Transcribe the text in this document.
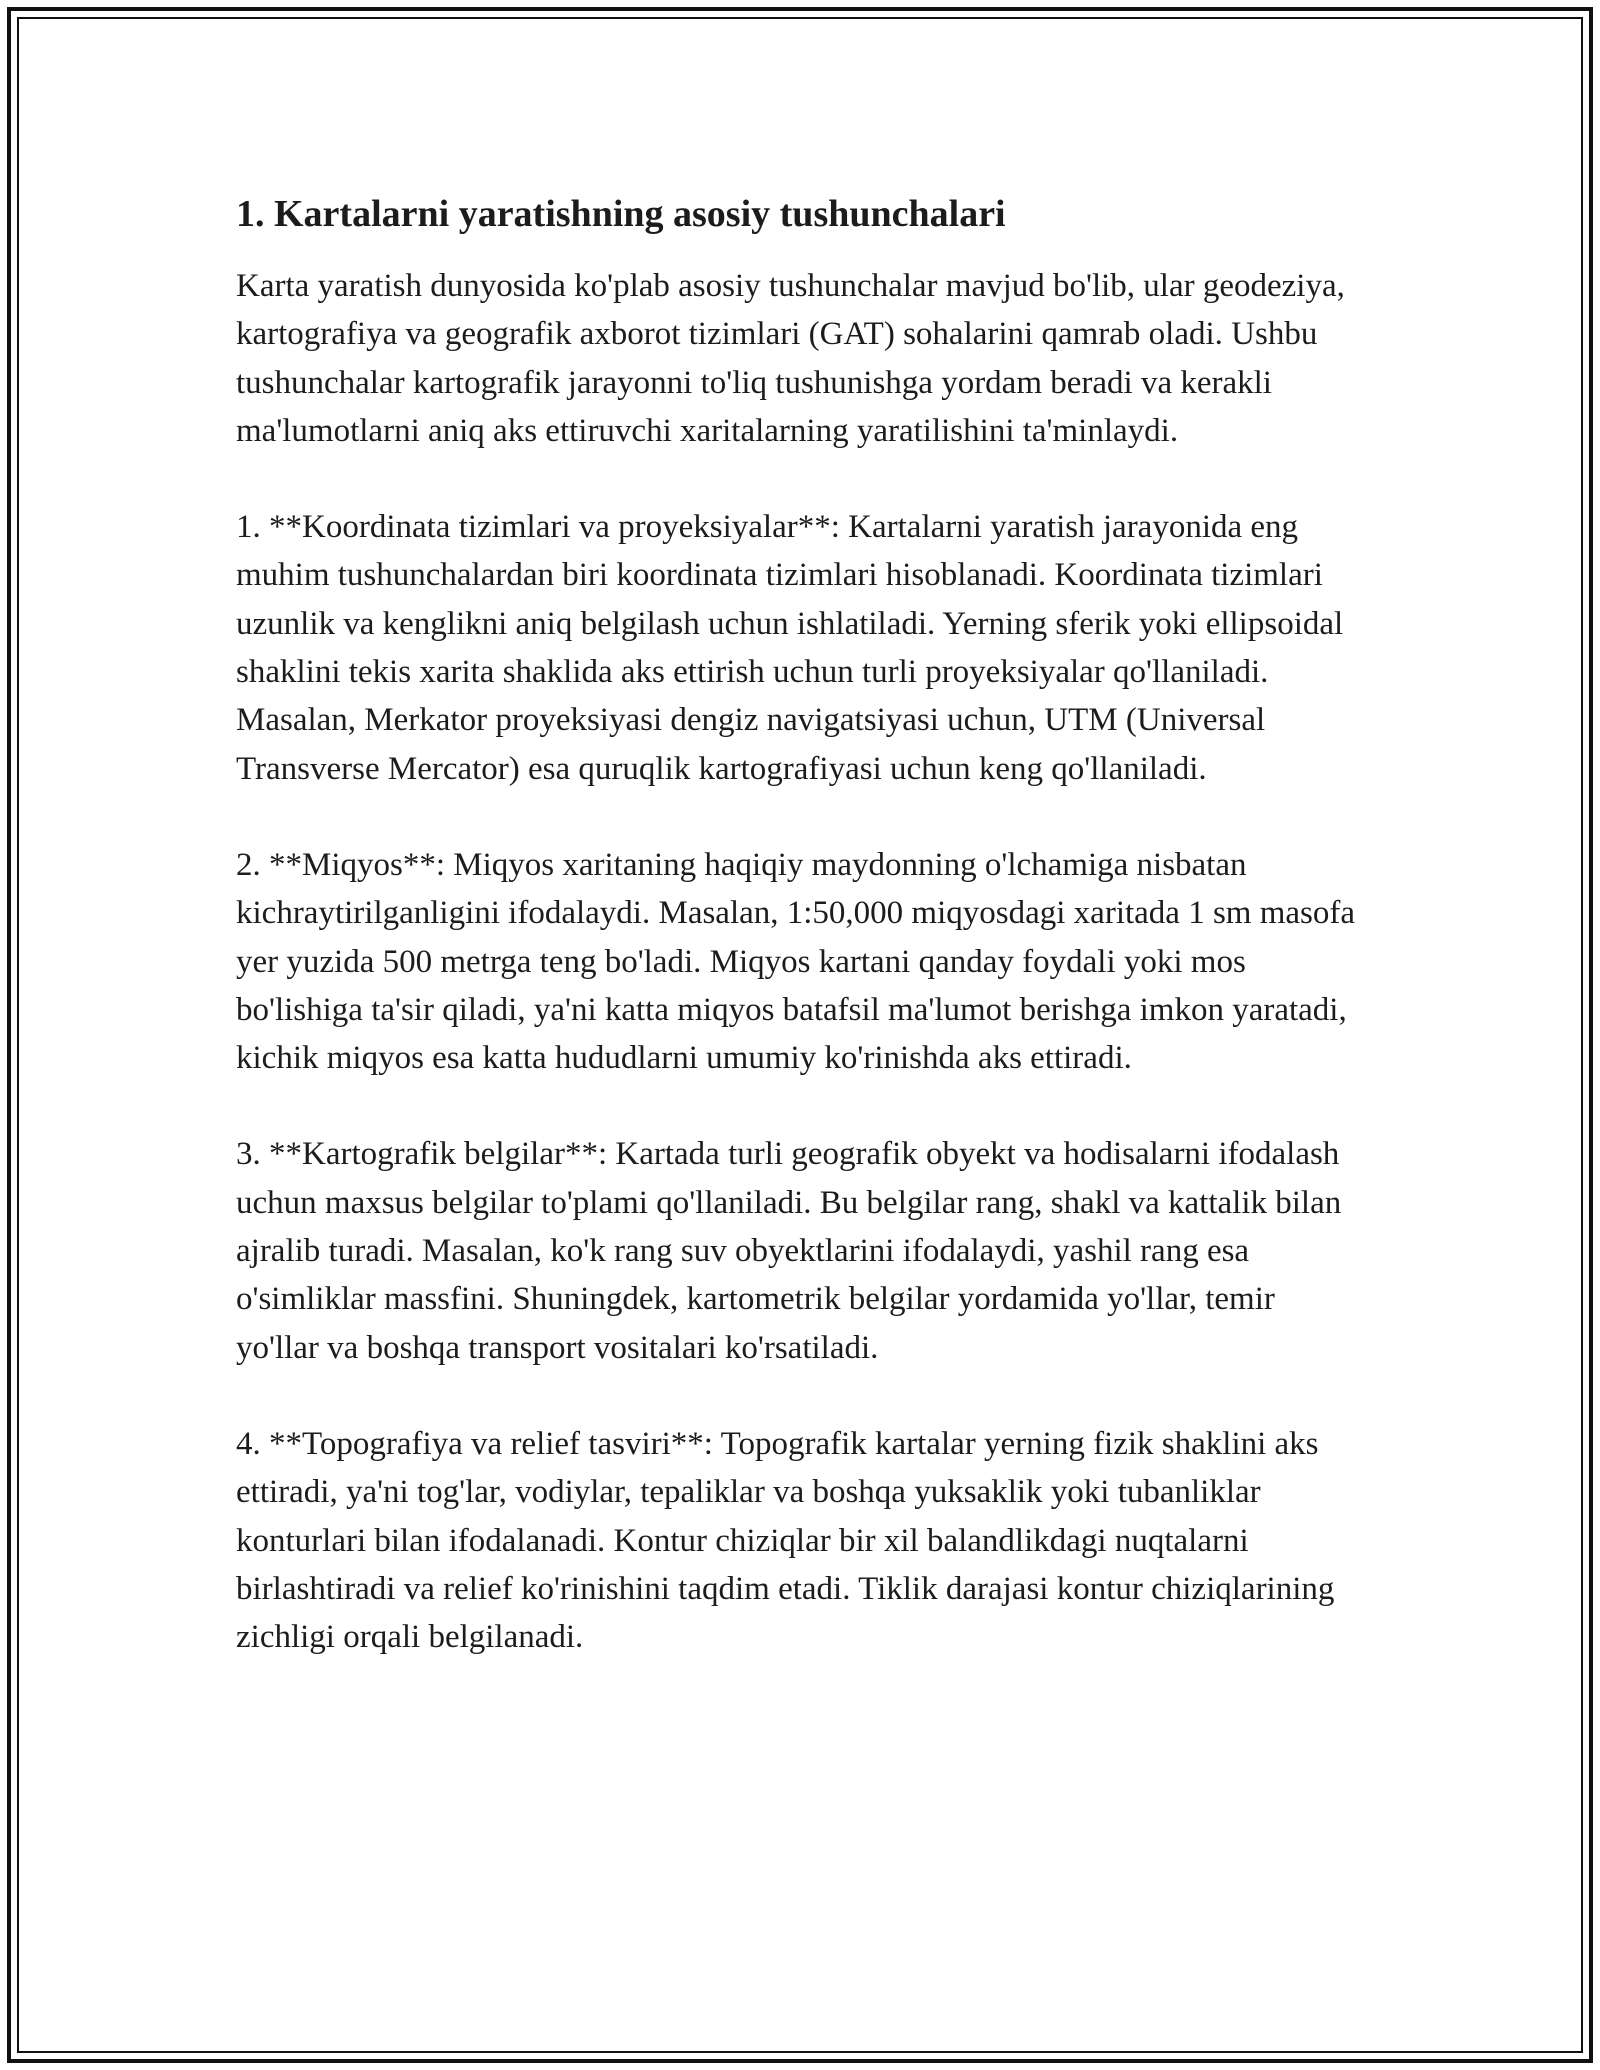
1. Kartalarni yaratishning asosiy tushunchalari

Karta yaratish dunyosida ko'plab asosiy tushunchalar mavjud bo'lib, ular geodeziya, kartografiya va geografik axborot tizimlari (GAT) sohalarini qamrab oladi. Ushbu tushunchalar kartografik jarayonni to'liq tushunishga yordam beradi va kerakli ma'lumotlarni aniq aks ettiruvchi xaritalarning yaratilishini ta'minlaydi.

1. **Koordinata tizimlari va proyeksiyalar**: Kartalarni yaratish jarayonida eng muhim tushunchalardan biri koordinata tizimlari hisoblanadi. Koordinata tizimlari uzunlik va kenglikni aniq belgilash uchun ishlatiladi. Yerning sferik yoki ellipsoidal shaklini tekis xarita shaklida aks ettirish uchun turli proyeksiyalar qo'llaniladi. Masalan, Merkator proyeksiyasi dengiz navigatsiyasi uchun, UTM (Universal Transverse Mercator) esa quruqlik kartografiyasi uchun keng qo'llaniladi.

2. **Miqyos**: Miqyos xaritaning haqiqiy maydonning o'lchamiga nisbatan kichraytirilganligini ifodalaydi. Masalan, 1:50,000 miqyosdagi xaritada 1 sm masofa yer yuzida 500 metrga teng bo'ladi. Miqyos kartani qanday foydali yoki mos bo'lishiga ta'sir qiladi, ya'ni katta miqyos batafsil ma'lumot berishga imkon yaratadi, kichik miqyos esa katta hududlarni umumiy ko'rinishda aks ettiradi.

3. **Kartografik belgilar**: Kartada turli geografik obyekt va hodisalarni ifodalash uchun maxsus belgilar to'plami qo'llaniladi. Bu belgilar rang, shakl va kattalik bilan ajralib turadi. Masalan, ko'k rang suv obyektlarini ifodalaydi, yashil rang esa o'simliklar massfini. Shuningdek, kartometrik belgilar yordamida yo'llar, temir yo'llar va boshqa transport vositalari ko'rsatiladi.

4. **Topografiya va relief tasviri**: Topografik kartalar yerning fizik shaklini aks ettiradi, ya'ni tog'lar, vodiylar, tepaliklar va boshqa yuksaklik yoki tubanliklar konturlari bilan ifodalanadi. Kontur chiziqlar bir xil balandlikdagi nuqtalarni birlashtiradi va relief ko'rinishini taqdim etadi. Tiklik darajasi kontur chiziqlarining zichligi orqali belgilanadi.
